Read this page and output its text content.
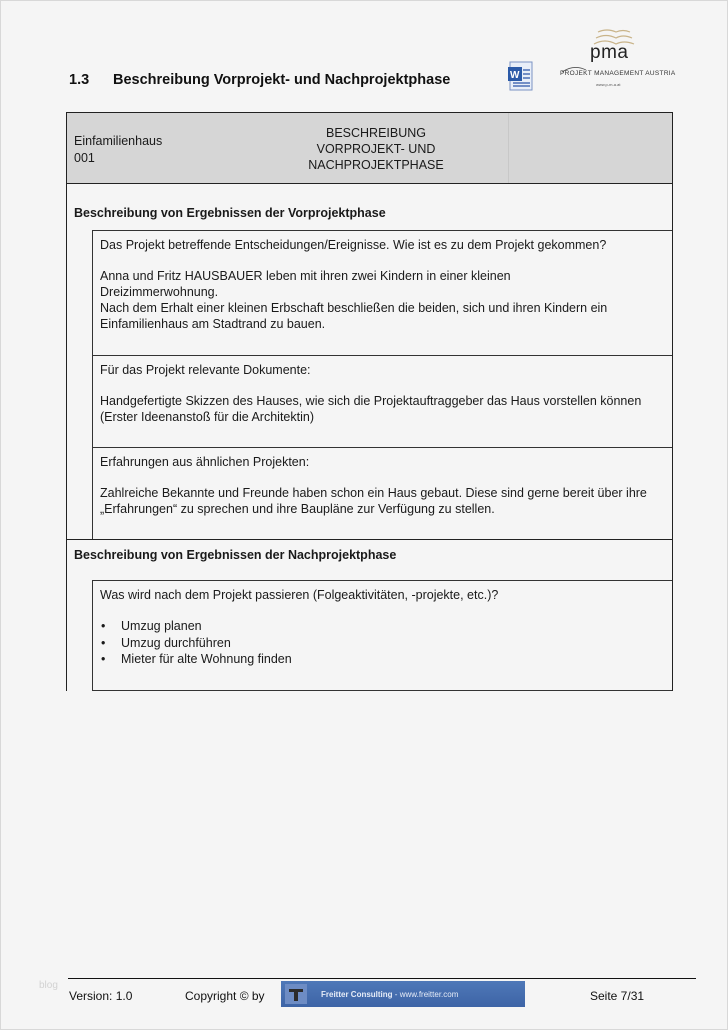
1.3 Beschreibung Vorprojekt- und Nachprojektphase	W
pma
PROJEKT MANAGEMENT AUSTRIA
www.p-m-a.at
Einfamilienhaus
001
BESCHREIBUNG
VORPROJEKT- UND
NACHPROJEKTPHASE
Beschreibung von Ergebnissen der Vorprojektphase

Das Projekt betreffende Entscheidungen/Ereignisse. Wie ist es zu dem Projekt gekommen?

Anna und Fritz HAUSBAUER leben mit ihren zwei Kindern in einer kleinen Dreizimmerwohnung.

Nach dem Erhalt einer kleinen Erbschaft beschließen die beiden, sich und ihren Kindern ein Einfamilienhaus am Stadtrand zu bauen.

Für das Projekt relevante Dokumente:

Handgefertigte Skizzen des Hauses, wie sich die Projektauftraggeber das Haus vorstellen können (Erster Ideenanstoß für die Architektin)

Erfahrungen aus ähnlichen Projekten:

Zahlreiche Bekannte und Freunde haben schon ein Haus gebaut. Diese sind gerne bereit über ihre „Erfahrungen“ zu sprechen und ihre Baupläne zur Verfügung zu stellen.

Beschreibung von Ergebnissen der Nachprojektphase

Was wird nach dem Projekt passieren (Folgeaktivitäten, -projekte, etc.)?

• Umzug planen
• Umzug durchführen
• Mieter für alte Wohnung finden
blog
Version: 1.0	Copyright © by	Freitter Consulting - www.freitter.com	Seite 7/31
